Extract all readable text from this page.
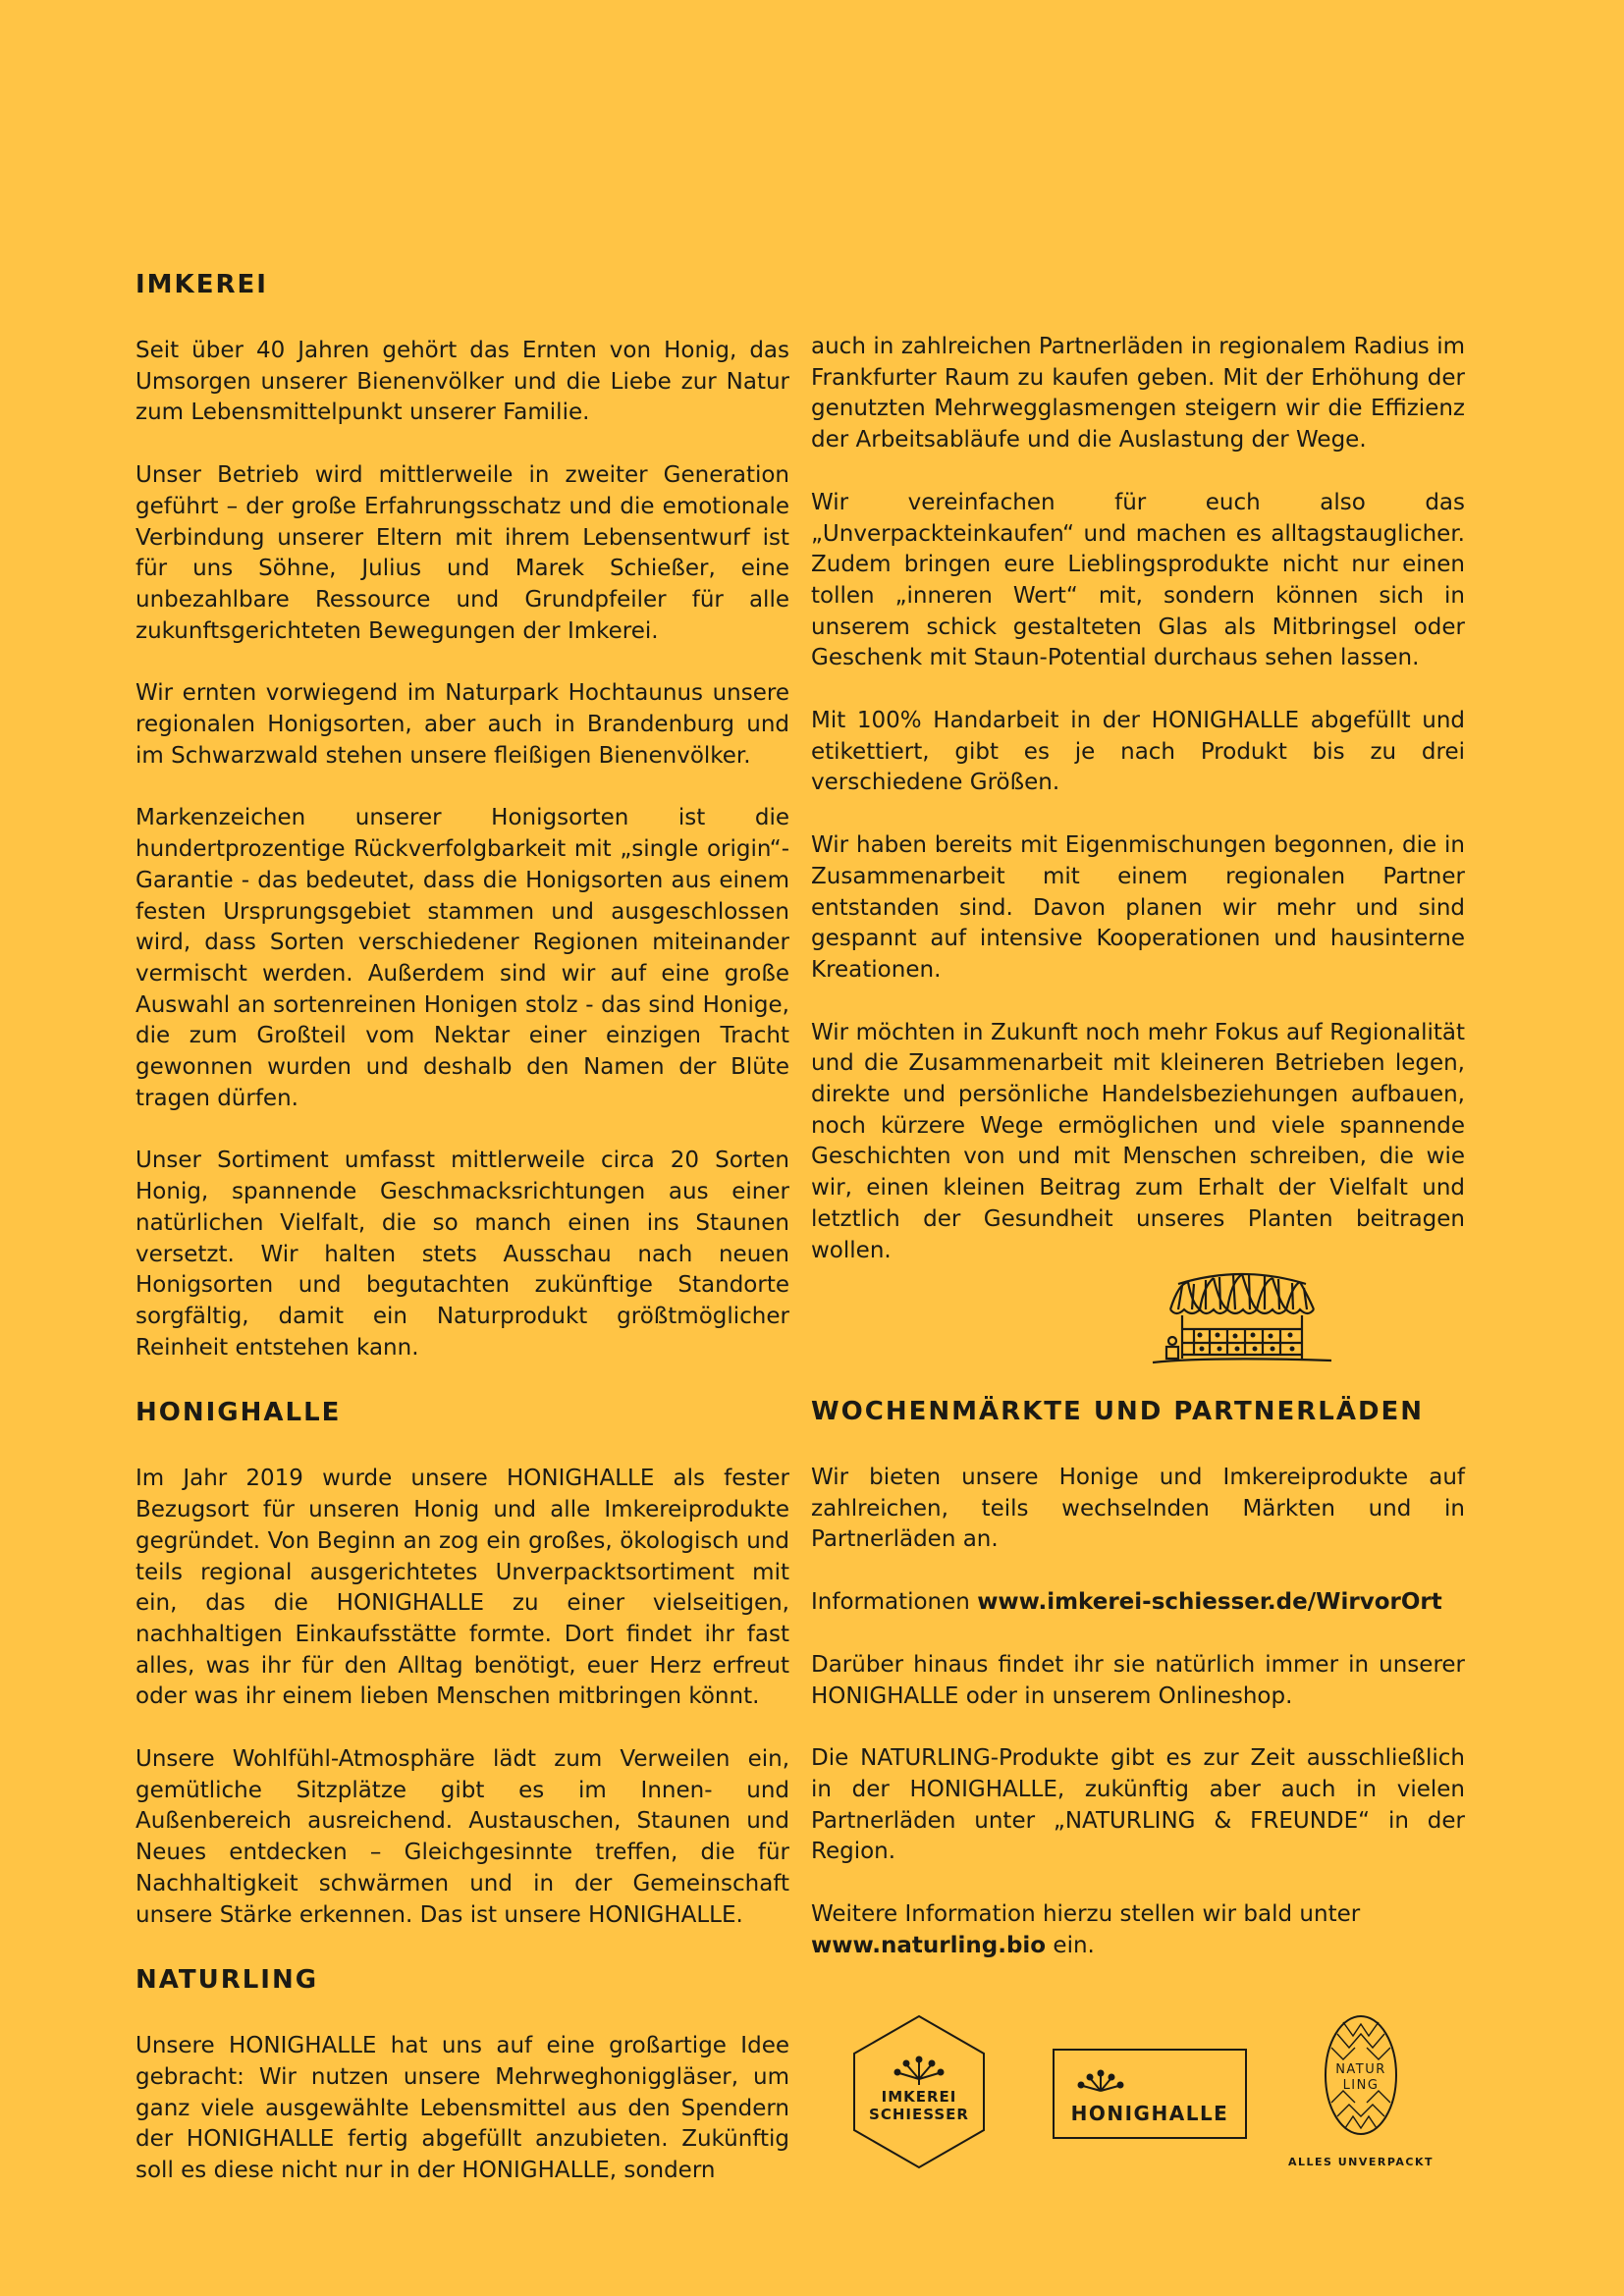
IMKEREI

Seit über 40 Jahren gehört das Ernten von Honig, das Umsorgen unserer Bienenvölker und die Liebe zur Natur zum Lebensmittelpunkt unserer Familie.

Unser Betrieb wird mittlerweile in zweiter Generation geführt – der große Erfahrungsschatz und die emotionale Verbindung unserer Eltern mit ihrem Lebensentwurf ist für uns Söhne, Julius und Marek Schießer, eine unbezahlbare Ressource und Grundpfeiler für alle zukunftsgerichteten Bewegungen der Imkerei.

Wir ernten vorwiegend im Naturpark Hochtaunus unsere regionalen Honigsorten, aber auch in Brandenburg und im Schwarzwald stehen unsere fleißigen Bienenvölker.

Markenzeichen unserer Honigsorten ist die hundertprozentige Rückverfolgbarkeit mit „single origin“-Garantie - das bedeutet, dass die Honigsorten aus einem festen Ursprungsgebiet stammen und ausgeschlossen wird, dass Sorten verschiedener Regionen miteinander vermischt werden. Außerdem sind wir auf eine große Auswahl an sortenreinen Honigen stolz - das sind Honige, die zum Großteil vom Nektar einer einzigen Tracht gewonnen wurden und deshalb den Namen der Blüte tragen dürfen.

Unser Sortiment umfasst mittlerweile circa 20 Sorten Honig, spannende Geschmacksrichtungen aus einer natürlichen Vielfalt, die so manch einen ins Staunen versetzt. Wir halten stets Ausschau nach neuen Honigsorten und begutachten zukünftige Standorte sorgfältig, damit ein Naturprodukt größtmöglicher Reinheit entstehen kann.

HONIGHALLE

Im Jahr 2019 wurde unsere HONIGHALLE als fester Bezugsort für unseren Honig und alle Imkereiprodukte gegründet. Von Beginn an zog ein großes, ökologisch und teils regional ausgerichtetes Unverpacktsortiment mit ein, das die HONIGHALLE zu einer vielseitigen, nachhaltigen Einkaufsstätte formte. Dort findet ihr fast alles, was ihr für den Alltag benötigt, euer Herz erfreut oder was ihr einem lieben Menschen mitbringen könnt.

Unsere Wohlfühl-Atmosphäre lädt zum Verweilen ein, gemütliche Sitzplätze gibt es im Innen- und Außenbereich ausreichend. Austauschen, Staunen und Neues entdecken – Gleichgesinnte treffen, die für Nachhaltigkeit schwärmen und in der Gemeinschaft unsere Stärke erkennen. Das ist unsere HONIGHALLE.

NATURLING

Unsere HONIGHALLE hat uns auf eine großartige Idee gebracht: Wir nutzen unsere Mehrweghoniggläser, um ganz viele ausgewählte Lebensmittel aus den Spendern der HONIGHALLE fertig abgefüllt anzubieten. Zukünftig soll es diese nicht nur in der HONIGHALLE, sondern

auch in zahlreichen Partnerläden in regionalem Radius im Frankfurter Raum zu kaufen geben. Mit der Erhöhung der genutzten Mehrwegglasmengen steigern wir die Effizienz der Arbeitsabläufe und die Auslastung der Wege.

Wir vereinfachen für euch also das „Unverpackteinkaufen“ und machen es alltagstauglicher. Zudem bringen eure Lieblingsprodukte nicht nur einen tollen „inneren Wert“ mit, sondern können sich in unserem schick gestalteten Glas als Mitbringsel oder Geschenk mit Staun-Potential durchaus sehen lassen.

Mit 100% Handarbeit in der HONIGHALLE abgefüllt und etikettiert, gibt es je nach Produkt bis zu drei verschiedene Größen.

Wir haben bereits mit Eigenmischungen begonnen, die in Zusammenarbeit mit einem regionalen Partner entstanden sind. Davon planen wir mehr und sind gespannt auf intensive Kooperationen und hausinterne Kreationen.

Wir möchten in Zukunft noch mehr Fokus auf Regionalität und die Zusammenarbeit mit kleineren Betrieben legen, direkte und persönliche Handelsbeziehungen aufbauen, noch kürzere Wege ermöglichen und viele spannende Geschichten von und mit Menschen schreiben, die wie wir, einen kleinen Beitrag zum Erhalt der Vielfalt und letztlich der Gesundheit unseres Planten beitragen wollen.

WOCHENMÄRKTE UND PARTNERLÄDEN

Wir bieten unsere Honige und Imkereiprodukte auf zahlreichen, teils wechselnden Märkten und in Partnerläden an.

Informationen www.imkerei-schiesser.de/WirvorOrt

Darüber hinaus findet ihr sie natürlich immer in unserer HONIGHALLE oder in unserem Onlineshop.

Die NATURLING-Produkte gibt es zur Zeit ausschließlich in der HONIGHALLE, zukünftig aber auch in vielen Partnerläden unter „NATURLING & FREUNDE“ in der Region.

Weitere Information hierzu stellen wir bald unter
www.naturling.bio ein.

IMKEREI
SCHIESSER	HONIGHALLE
NATUR
LING
ALLES UNVERPACKT
